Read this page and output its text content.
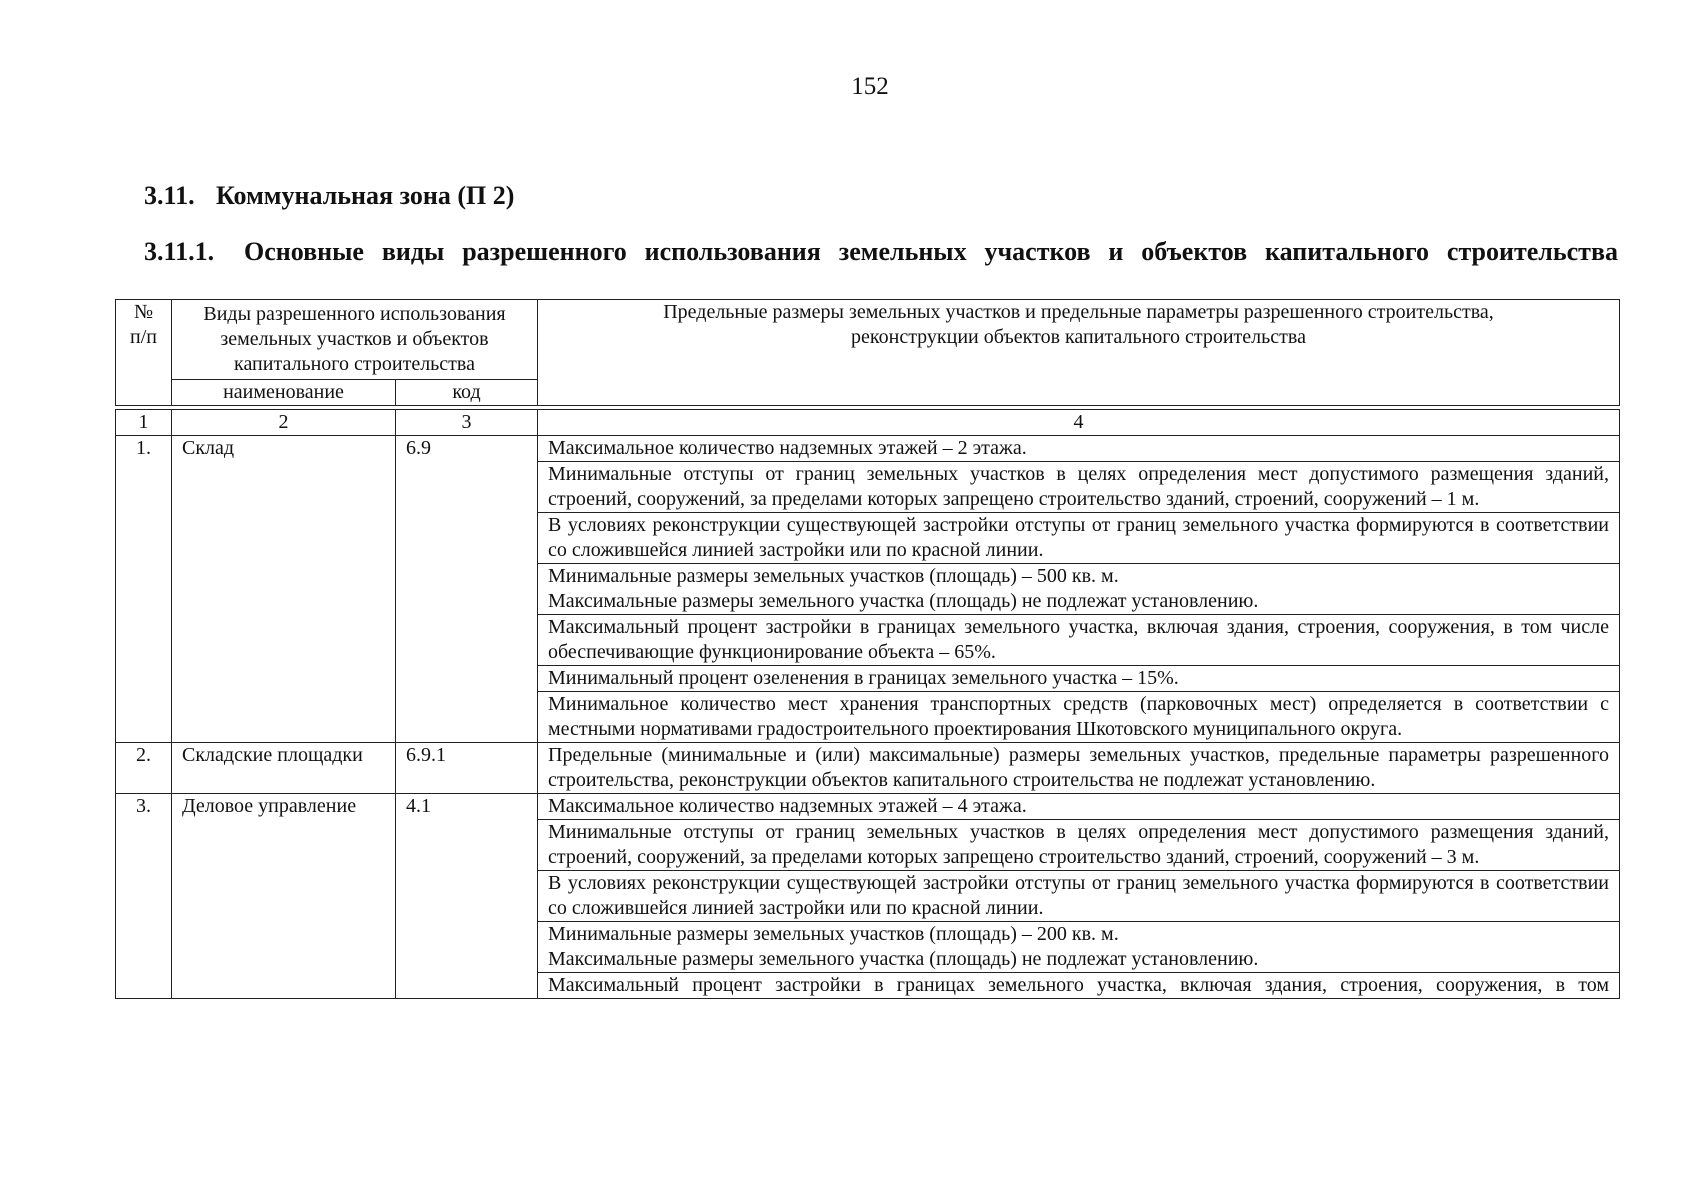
152
3.11. Коммунальная зона (П 2)
3.11.1.	Основные виды разрешенного использования земельных участков и объектов капитального строительства
№ п/п	Виды разрешенного использования земельных участков и объектов капитального строительства		Предельные размеры земельных участков и предельные параметры разрешенного строительства, реконструкции объектов капитального строительства
	наименование	код	

1	2	3	4
1.	Склад	6.9	Максимальное количество надземных этажей – 2 этажа.
			Минимальные отступы от границ земельных участков в целях определения мест допустимого размещения зданий, строений, сооружений, за пределами которых запрещено строительство зданий, строений, сооружений – 1 м.
			В условиях реконструкции существующей застройки отступы от границ земельного участка формируются в соответствии со сложившейся линией застройки или по красной линии.
			Минимальные размеры земельных участков (площадь) – 500 кв. м.
Максимальные размеры земельного участка (площадь) не подлежат установлению.
			Максимальный процент застройки в границах земельного участка, включая здания, строения, сооружения, в том числе обеспечивающие функционирование объекта – 65%.
			Минимальный процент озеленения в границах земельного участка – 15%.
			Минимальное количество мест хранения транспортных средств (парковочных мест) определяется в соответствии с местными нормативами градостроительного проектирования Шкотовского муниципального округа.
2.	Складские площадки	6.9.1	Предельные (минимальные и (или) максимальные) размеры земельных участков, предельные параметры разрешенного строительства, реконструкции объектов капитального строительства не подлежат установлению.
3.	Деловое управление	4.1	Максимальное количество надземных этажей – 4 этажа.
			Минимальные отступы от границ земельных участков в целях определения мест допустимого размещения зданий, строений, сооружений, за пределами которых запрещено строительство зданий, строений, сооружений – 3 м.
			В условиях реконструкции существующей застройки отступы от границ земельного участка формируются в соответствии со сложившейся линией застройки или по красной линии.
			Минимальные размеры земельных участков (площадь) – 200 кв. м.
Максимальные размеры земельного участка (площадь) не подлежат установлению.
			Максимальный процент застройки в границах земельного участка, включая здания, строения, сооружения, в том
